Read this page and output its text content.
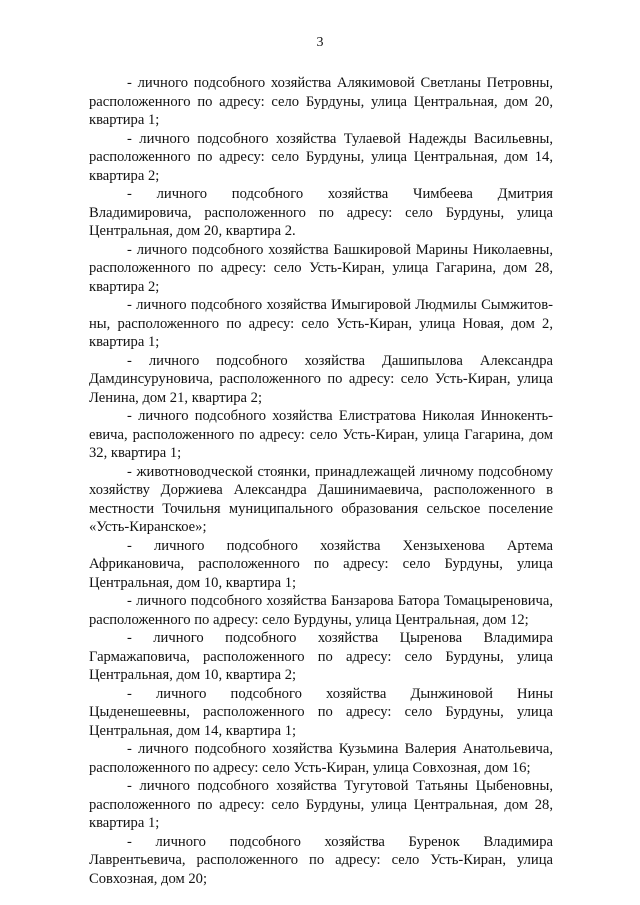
3

- личного подсобного хозяйства Алякимовой Светланы Петровны, расположенного по адресу: село Бурдуны, улица Центральная, дом 20, квартира 1;

- личного подсобного хозяйства Тулаевой Надежды Васильевны, расположенного по адресу: село Бурдуны, улица Центральная, дом 14, квартира 2;

- личного подсобного хозяйства Чимбеева Дмитрия Владимировича, расположенного по адресу: село Бурдуны, улица Центральная, дом 20, квартира 2.

- личного подсобного хозяйства Башкировой Марины Николаевны, расположенного по адресу: село Усть-Киран, улица Гагарина, дом 28, квартира 2;

- личного подсобного хозяйства Имыгировой Людмилы Сымжитовны, расположенного по адресу: село Усть-Киран, улица Новая, дом 2, квартира 1;

- личного подсобного хозяйства Дашипылова Александра Дамдинсуруновича, расположенного по адресу: село Усть-Киран, улица Ленина, дом 21, квартира 2;

- личного подсобного хозяйства Елистратова Николая Иннокентьевича, расположенного по адресу: село Усть-Киран, улица Гагарина, дом 32, квартира 1;

- животноводческой стоянки, принадлежащей личному подсобному хозяйству Доржиева Александра Дашинимаевича, расположенного в местности Точильня муниципального образования сельское поселение «Усть-Киранское»;

- личного подсобного хозяйства Хензыхенова Артема Африкановича, расположенного по адресу: село Бурдуны, улица Центральная, дом 10, квартира 1;

- личного подсобного хозяйства Банзарова Батора Томацыреновича, расположенного по адресу: село Бурдуны, улица Центральная, дом 12;

- личного подсобного хозяйства Цыренова Владимира Гармажаповича, расположенного по адресу: село Бурдуны, улица Центральная, дом 10, квартира 2;

- личного подсобного хозяйства Дынжиновой Нины Цыденешеевны, расположенного по адресу: село Бурдуны, улица Центральная, дом 14, квартира 1;

- личного подсобного хозяйства Кузьмина Валерия Анатольевича, расположенного по адресу: село Усть-Киран, улица Совхозная, дом 16;

- личного подсобного хозяйства Тугутовой Татьяны Цыбеновны, расположенного по адресу: село Бурдуны, улица Центральная, дом 28, квартира 1;

- личного подсобного хозяйства Буренок Владимира Лаврентьевича, расположенного по адресу: село Усть-Киран, улица Совхозная, дом 20;
